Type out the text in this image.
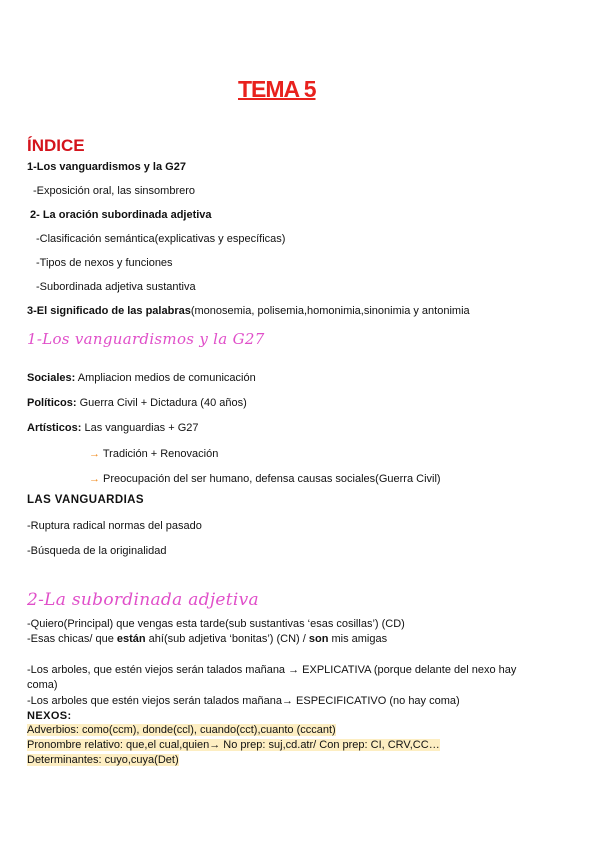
TEMA 5
ÍNDICE
1-Los vanguardismos y la G27
-Exposición oral, las sinsombrero
2- La oración subordinada adjetiva
-Clasificación semántica(explicativas y específicas)
-Tipos de nexos y funciones
-Subordinada adjetiva sustantiva
3-El significado de las palabras(monosemia, polisemia,homonimia,sinonimia y antonimia
1-Los vanguardismos y la G27
Sociales: Ampliacion medios de comunicación
Políticos: Guerra Civil + Dictadura (40 años)
Artísticos: Las vanguardias + G27
→ Tradición + Renovación
→ Preocupación del ser humano, defensa causas sociales(Guerra Civil)
LAS VANGUARDIAS
-Ruptura radical normas del pasado
-Búsqueda de la originalidad
2-La subordinada adjetiva
-Quiero(Principal) que vengas esta tarde(sub sustantivas ‘esas cosillas’) (CD)
-Esas chicas/ que están ahí(sub adjetiva ‘bonitas’) (CN) / son mis amigas
-Los arboles, que estén viejos serán talados mañana → EXPLICATIVA (porque delante del nexo hay
coma)
-Los arboles que estén viejos serán talados mañana→ ESPECIFICATIVO (no hay coma)
NEXOS:
Adverbios: como(ccm), donde(ccl), cuando(cct),cuanto (cccant)
Pronombre relativo: que,el cual,quien→ No prep: suj,cd.atr/ Con prep: CI, CRV,CC…
Determinantes: cuyo,cuya(Det)
